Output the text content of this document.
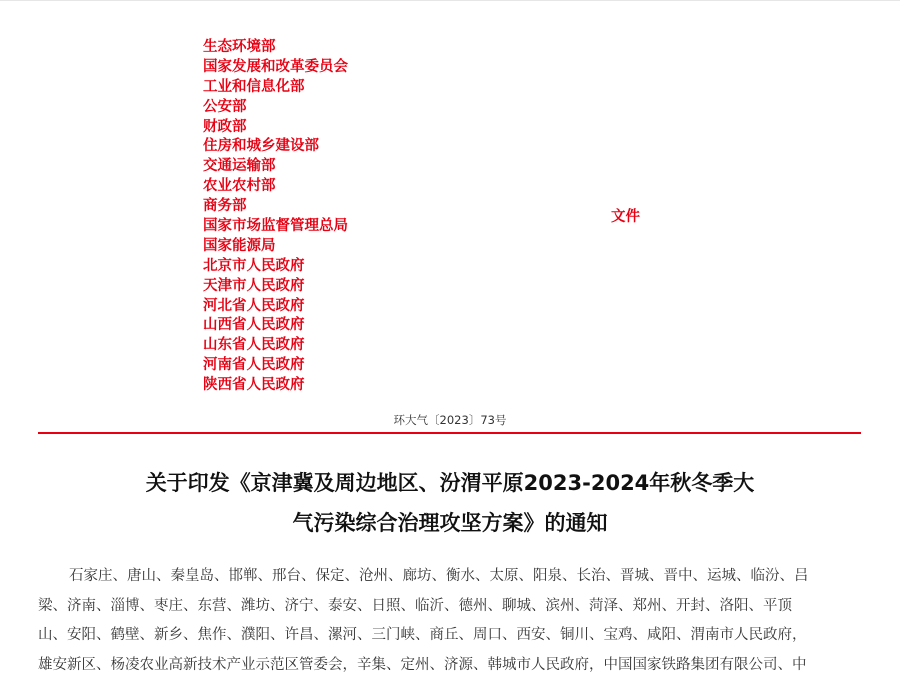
生态环境部
国家发展和改革委员会
工业和信息化部
公安部
财政部
住房和城乡建设部
交通运输部
农业农村部
商务部
国家市场监督管理总局
国家能源局
北京市人民政府
天津市人民政府
河北省人民政府
山西省人民政府
山东省人民政府
河南省人民政府
陕西省人民政府
文件
环大气〔2023〕73号
关于印发《京津冀及周边地区、汾渭平原2023-2024年秋冬季大
气污染综合治理攻坚方案》的通知

石家庄、唐山、秦皇岛、邯郸、邢台、保定、沧州、廊坊、衡水、太原、阳泉、长治、晋城、晋中、运城、临汾、吕
梁、济南、淄博、枣庄、东营、潍坊、济宁、泰安、日照、临沂、德州、聊城、滨州、菏泽、郑州、开封、洛阳、平顶
山、安阳、鹤壁、新乡、焦作、濮阳、许昌、漯河、三门峡、商丘、周口、西安、铜川、宝鸡、咸阳、渭南市人民政府，
雄安新区、杨凌农业高新技术产业示范区管委会，辛集、定州、济源、韩城市人民政府，中国国家铁路集团有限公司、中
